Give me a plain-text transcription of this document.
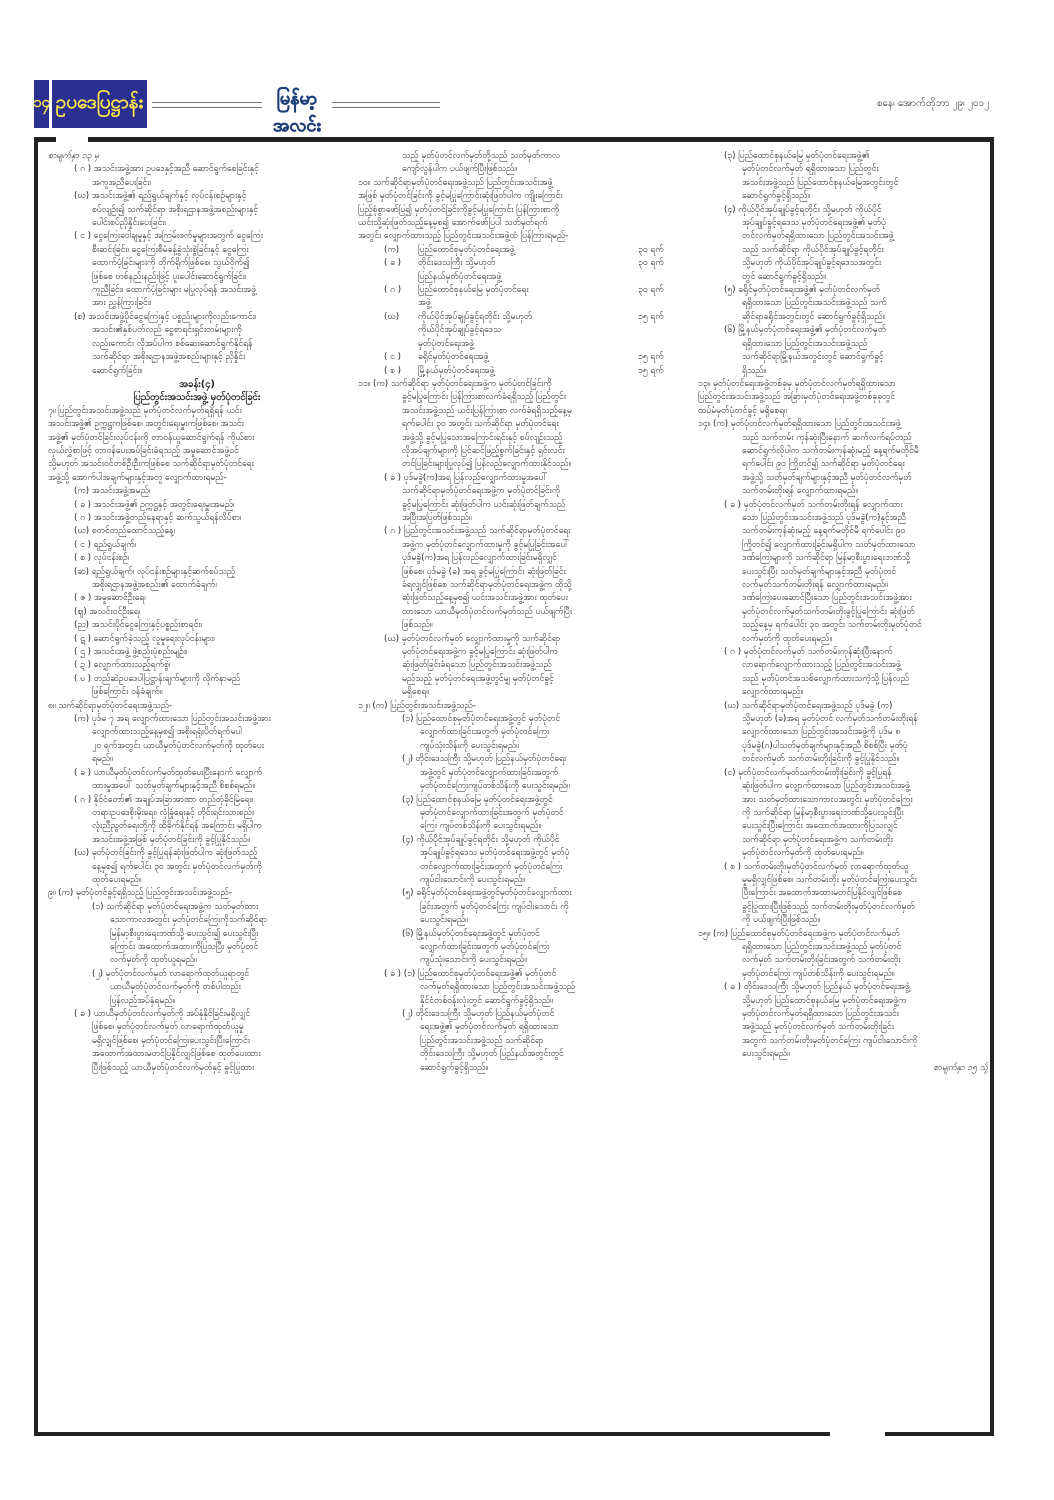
၁၄ ဥပဒေပြဋ္ဌာန်း	မြန်မာ့အလင်း
စနေ၊ အောက်တိုဘာ ၂၉၊ ၂၀၁၂
စာမျက်နှာ ၁၃ မှ
( ဂ ) အသင်းအဖွဲ့အား ဥပဒေနှင့်အညီ ဆောင်ရွက်စေခြင်းနှင့်
အကူအညီပေးခြင်း၊
(ဃ) အသင်းအဖွဲ့၏ ရည်ရွယ်ချက်နှင့် လုပ်ငန်းစဉ်များနှင့်
စပ်လျဉ်း၍ သက်ဆိုင်ရာ အစိုးရဌာနအဖွဲ့အစည်းများနှင့်
ပေါင်းစပ်ညှိနှိုင်းပေးခြင်း၊
( င ) ငွေကြေးခဝါချမှုနှင့် အကြမ်းဖက်မှုများအတွက် ငွေကြေး
စီးဆင်းခြင်း၊ ငွေကြေးစီမံခန့်ခွဲသုံးစွဲခြင်းနှင့် ငွေကြေး
ထောက်ပံ့ခြင်းများကို တိုက်ရိုက်ဖြစ်စေ၊ သွယ်ဝိုက်၍
ဖြစ်စေ တစ်နည်းနည်းဖြင့် ပူးပေါင်းဆောင်ရွက်ခြင်း၊
ကူညီခြင်း၊ ထောက်ပံ့ခြင်းများ မပြုလုပ်ရန် အသင်းအဖွဲ့
အား ညွှန်ကြားခြင်း၊
(စ) အသင်းအဖွဲ့ပိုင်ငွေကြေးနှင့် ပစ္စည်းများကိုလည်းကောင်း၊
အသင်း၏နှစ်ပတ်လည် ငွေစာရင်းရှင်းတမ်းများကို
လည်းကောင်း လိုအပ်ပါက စစ်ဆေးဆောင်ရွက်နိုင်ရန်
သက်ဆိုင်ရာ အစိုးရဌာနအဖွဲ့အစည်းများနှင့် ညှိနှိုင်း
ဆောင်ရွက်ခြင်း။
အခန်း(၄)
ပြည်တွင်းအသင်းအဖွဲ့ မှတ်ပုံတင်ခြင်း
၇။ ပြည်တွင်းအသင်းအဖွဲ့သည် မှတ်ပုံတင်လက်မှတ်ရရှိရန် ယင်း
အသင်းအဖွဲ့၏ ဥက္ကဋ္ဌကဖြစ်စေ၊ အတွင်းရေးမှူးကဖြစ်စေ၊ အသင်း
အဖွဲ့၏ မှတ်ပုံတင်ခြင်းလုပ်ငန်းကို တာဝန်ယူဆောင်ရွက်ရန် ကိုယ်စား
လှယ်လွှဲစာဖြင့် တာဝန်ပေးအပ်ခြင်းခံရသည့် အမှုဆောင်အဖွဲ့ဝင်
သို့မဟုတ် အသင်းဝင်တစ်ဦးဦးကဖြစ်စေ သက်ဆိုင်ရာမှတ်ပုံတင်ရေး
အဖွဲ့သို့ အောက်ပါအချက်များနှင့်အတူ လျှောက်ထားရမည်-
(က) အသင်းအဖွဲ့အမည်၊
( ခ ) အသင်းအဖွဲ့၏ ဥက္ကဋ္ဌနှင့် အတွင်းရေးမှူးအမည်၊
( ဂ ) အသင်းအဖွဲ့တည်နေရာနှင့် ဆက်သွယ်ရန်လိပ်စာ၊
(ဃ) စတင်တည်ထောင်သည့်နေ့၊
( င ) ရည်ရွယ်ချက်၊
( စ ) လုပ်ငန်းစဉ်၊
(ဆ) ရည်ရွယ်ချက်၊ လုပ်ငန်းစဉ်များနှင့်ဆက်စပ်သည့်
အစိုးရဌာနအဖွဲ့အစည်း၏ ထောက်ခံချက်၊
( ဇ ) အမှုဆောင်ဦးရေ၊
(ဈ) အသင်းဝင်ဦးရေ၊
(ည) အသင်းပိုင်ငွေကြေးနှင့်ပစ္စည်းစာရင်း၊
( ဋ ) ဆောင်ရွက်ခဲ့သည့် လူမှုရေးလုပ်ငန်းများ၊
( ဌ ) အသင်းအဖွဲ့ ဖွဲ့စည်းပုံစည်းမျဉ်း၊
( ဍ ) လျှောက်ထားသည့်ရက်စွဲ၊
( ဎ ) တည်ဆဲဥပဒေပါပြဋ္ဌာန်းချက်များကို လိုက်နာမည်
ဖြစ်ကြောင်း ဝန်ခံချက်။
၈။ သက်ဆိုင်ရာမှတ်ပုံတင်ရေးအဖွဲ့သည်-
(က) ပုဒ်မ ၇ အရ လျှောက်ထားသော ပြည်တွင်းအသင်းအဖွဲ့အား
လျှောက်ထားသည့်နေ့မှစ၍ အစိုးရရုံးပိတ်ရက်မပါ
၂၀ ရက်အတွင်း ယာယီမှတ်ပုံတင်လက်မှတ်ကို ထုတ်ပေး
ရမည်။
( ခ ) ယာယီမှတ်ပုံတင်လက်မှတ်ထုတ်ပေးပြီးနောက် လျှောက်
ထားမှုအပေါ် သတ်မှတ်ချက်များနှင့်အညီ စိစစ်ရမည်။
( ဂ ) နိုင်ငံတော်၏ အချုပ်အခြာအာဏာ တည်တံ့ခိုင်မြဲရေး၊
တရားဥပဒေစိုးမိုးရေး၊ လုံခြုံရေးနှင့် တိုင်းရင်းသားစည်း
လုံးညီညွတ်ရေးတို့ကို ထိခိုက်နိုင်ရန် အကြောင်း မရှိပါက
အသင်းအဖွဲ့အဖြစ် မှတ်ပုံတင်ခြင်းကို ခွင့်ပြုနိုင်သည်။
(ဃ) မှတ်ပုံတင်ခြင်းကို ခွင့်ပြုရန်ဆုံးဖြတ်ပါက ဆုံးဖြတ်သည့်
နေ့မှစ၍ ရက်ပေါင်း ၃၀ အတွင်း မှတ်ပုံတင်လက်မှတ်ကို
ထုတ်ပေးရမည်။
၉။ (က) မှတ်ပုံတင်ခွင့်ရရှိသည့် ပြည်တွင်းအသင်းအဖွဲ့သည်-
(၁) သက်ဆိုင်ရာ မှတ်ပုံတင်ရေးအဖွဲ့က သတ်မှတ်ထား
သောကာလအတွင်း မှတ်ပုံတင်ကြေးကိုသက်ဆိုင်ရာ
မြန်မာ့စီးပွားရေးဘဏ်သို့ ပေးသွင်း၍ ပေးသွင်းပြီး
ကြောင်း အထောက်အထားကိုပြသပြီး မှတ်ပုံတင်
လက်မှတ်ကို ထုတ်ယူရမည်။
(၂) မှတ်ပုံတင်လက်မှတ် လာရောက်ထုတ်ယူရာတွင်
ယာယီမှတ်ပုံတင်လက်မှတ်ကို တစ်ပါတည်း
ပြန်လည်အပ်နှံရမည်။
( ခ ) ယာယီမှတ်ပုံတင်လက်မှတ်ကို အပ်နှံနိုင်ခြင်းမရှိလျှင်
ဖြစ်စေ၊ မှတ်ပုံတင်လက်မှတ် လာရောက်ထုတ်ယူမှု
မရှိလျှင်ဖြစ်စေ၊ မှတ်ပုံတင်ကြေးပေးသွင်းပြီးကြောင်း
အထောက်အထားမတင်ပြနိုင်လျှင်ဖြစ်စေ ထုတ်ပေးထား
ပြီးဖြစ်သည့် ယာယီမှတ်ပုံတင်လက်မှတ်နှင့် ခွင့်ပြုထား
သည့် မှတ်ပုံတင်လက်မှတ်တို့သည် သတ်မှတ်ကာလ
ကျော်လွန်ပါက ပယ်ဖျက်ပြီးဖြစ်သည်။
၁၀။ သက်ဆိုင်ရာမှတ်ပုံတင်ရေးအဖွဲ့သည် ပြည်တွင်းအသင်းအဖွဲ့
အဖြစ် မှတ်ပုံတင်ခြင်းကို ခွင့်မပြုကြောင်းဆုံးဖြတ်ပါက ကျိုးကြောင်း
ပြည့်စုံစွာဖော်ပြ၍ မှတ်ပုံတင်ခြင်းကိုခွင့်မပြုကြောင်း ပြန်ကြားစာကို
ယင်းသို့ဆုံးဖြတ်သည့်နေ့မှစ၍ အောက်ဖော်ပြပါ သတ်မှတ်ရက်
အတွင်း လျှောက်ထားသည့် ပြည်တွင်းအသင်းအဖွဲ့ထံ ပြန်ကြားရမည်-
(က)	ပြည်ထောင်စုမှတ်ပုံတင်ရေးအဖွဲ့	၃၀ ရက်
( ခ )	တိုင်းဒေသကြီး သို့မဟုတ်	၃၀ ရက်
ပြည်နယ်မှတ်ပုံတင်ရေးအဖွဲ့
( ဂ )	ပြည်ထောင်စုနယ်မြေ မှတ်ပုံတင်ရေး	၃၀ ရက်
အဖွဲ့
(ဃ)	ကိုယ်ပိုင်အုပ်ချုပ်ခွင့်ရတိုင်း သို့မဟုတ်	၁၅ ရက်
ကိုယ်ပိုင်အုပ်ချုပ်ခွင့်ရဒေသ
မှတ်ပုံတင်ရေးအဖွဲ့
( င )	ခရိုင်မှတ်ပုံတင်ရေးအဖွဲ့	၁၅ ရက်
( စ )	မြို့နယ်မှတ်ပုံတင်ရေးအဖွဲ့	၁၅ ရက်
၁၁။ (က) သက်ဆိုင်ရာ မှတ်ပုံတင်ရေးအဖွဲ့က မှတ်ပုံတင်ခြင်းကို
ခွင့်မပြုကြောင်း ပြန်ကြားစာလက်ခံရရှိသည့် ပြည်တွင်း
အသင်းအဖွဲ့သည် ယင်းပြန်ကြားစာ လက်ခံရရှိသည့်နေ့မှ
ရက်ပေါင်း ၃၀ အတွင်း သက်ဆိုင်ရာ မှတ်ပုံတင်ရေး
အဖွဲ့သို့ ခွင့်မပြုသောအကြောင်းရင်းနှင့် စပ်လျဉ်းသည့်
လိုအပ်ချက်များကို ပြင်ဆင်ဖြည့်စွက်ခြင်းနှင့် ရှင်းလင်း
တင်ပြခြင်းများပြုလုပ်၍ ပြန်လည်လျှောက်ထားနိုင်သည်။
( ခ ) ပုဒ်မခွဲ(က)အရ ပြန်လည်လျှောက်ထားမှုအပေါ်
သက်ဆိုင်ရာမှတ်ပုံတင်ရေးအဖွဲ့က မှတ်ပုံတင်ခြင်းကို
ခွင့်မပြုကြောင်း ဆုံးဖြတ်ပါက ယင်းဆုံးဖြတ်ချက်သည်
အပြီးအပြတ်ဖြစ်သည်။
( ဂ ) ပြည်တွင်းအသင်းအဖွဲ့သည် သက်ဆိုင်ရာမှတ်ပုံတင်ရေး
အဖွဲ့က မှတ်ပုံတင်လျှောက်ထားမှုကို ခွင့်မပြုခြင်းအပေါ်
ပုဒ်မခွဲ(က)အရ ပြန်လည်လျှောက်ထားခြင်းမရှိလျှင်
ဖြစ်စေ၊ ပုဒ်မခွဲ (ခ) အရ ခွင့်မပြုကြောင်း ဆုံးဖြတ်ခြင်း
ခံရလျှင်ဖြစ်စေ သက်ဆိုင်ရာမှတ်ပုံတင်ရေးအဖွဲ့က ထိုသို့
ဆုံးဖြတ်သည့်နေ့မှစ၍ ယင်းအသင်းအဖွဲ့အား ထုတ်ပေး
ထားသော ယာယီမှတ်ပုံတင်လက်မှတ်သည် ပယ်ဖျက်ပြီး
ဖြစ်သည်။
(ဃ) မှတ်ပုံတင်လက်မှတ် လျှောက်ထားမှုကို သက်ဆိုင်ရာ
မှတ်ပုံတင်ရေးအဖွဲ့က ခွင့်မပြုကြောင်း ဆုံးဖြတ်ပါက
ဆုံးဖြတ်ခြင်းခံရသော ပြည်တွင်းအသင်းအဖွဲ့သည်
မည်သည့် မှတ်ပုံတင်ရေးအဖွဲ့တွင်မျှ မှတ်ပုံတင်ခွင့်
မရှိစေရ။
၁၂။ (က) ပြည်တွင်းအသင်းအဖွဲ့သည်-
(၁) ပြည်ထောင်စုမှတ်ပုံတင်ရေးအဖွဲ့တွင် မှတ်ပုံတင်
လျှောက်ထားခြင်းအတွက် မှတ်ပုံတင်ကြေး
ကျပ်သုံးသိန်းကို ပေးသွင်းရမည်။
(၂) တိုင်းဒေသကြီး သို့မဟုတ် ပြည်နယ်မှတ်ပုံတင်ရေး
အဖွဲ့တွင် မှတ်ပုံတင်လျှောက်ထားခြင်းအတွက်
မှတ်ပုံတင်ကြေးကျပ်တစ်သိန်းကို ပေးသွင်းရမည်။
(၃) ပြည်ထောင်စုနယ်မြေ မှတ်ပုံတင်ရေးအဖွဲ့တွင်
မှတ်ပုံတင်လျှောက်ထားခြင်းအတွက် မှတ်ပုံတင်
ကြေး ကျပ်တစ်သိန်းကို ပေးသွင်းရမည်။
(၄) ကိုယ်ပိုင်အုပ်ချုပ်ခွင့်ရတိုင်း သို့မဟုတ် ကိုယ်ပိုင်
အုပ်ချုပ်ခွင့်ရဒေသ မှတ်ပုံတင်ရေးအဖွဲ့တွင် မှတ်ပုံ
တင်လျှောက်ထားခြင်းအတွက် မှတ်ပုံတင်ကြေး
ကျပ်ငါးသောင်းကို ပေးသွင်းရမည်။
(၅) ခရိုင်မှတ်ပုံတင်ရေးအဖွဲ့တွင်မှတ်ပုံတင်လျှောက်ထား
ခြင်းအတွက် မှတ်ပုံတင်ကြေး ကျပ်ငါးသောင်း ကို
ပေးသွင်းရမည်။
(၆) မြို့နယ်မှတ်ပုံတင်ရေးအဖွဲ့တွင် မှတ်ပုံတင်
လျှောက်ထားခြင်းအတွက် မှတ်ပုံတင်ကြေး
ကျပ်သုံးသောင်းကို ပေးသွင်းရမည်။
( ခ ) (၁) ပြည်ထောင်စုမှတ်ပုံတင်ရေးအဖွဲ့၏ မှတ်ပုံတင်
လက်မှတ်ရရှိထားသော ပြည်တွင်းအသင်းအဖွဲ့သည်
နိုင်ငံတစ်ဝန်းလုံးတွင် ဆောင်ရွက်ခွင့်ရှိသည်။
(၂) တိုင်းဒေသကြီး သို့မဟုတ် ပြည်နယ်မှတ်ပုံတင်
ရေးအဖွဲ့၏ မှတ်ပုံတင်လက်မှတ် ရရှိထားသော
ပြည်တွင်းအသင်းအဖွဲ့သည် သက်ဆိုင်ရာ
တိုင်းဒေသကြီး သို့မဟုတ် ပြည်နယ်အတွင်းတွင်
ဆောင်ရွက်ခွင့်ရှိသည်။
(၃) ပြည်ထောင်စုနယ်မြေ မှတ်ပုံတင်ရေးအဖွဲ့၏
မှတ်ပုံတင်လက်မှတ် ရရှိထားသော ပြည်တွင်း
အသင်းအဖွဲ့သည် ပြည်ထောင်စုနယ်မြေအတွင်းတွင်
ဆောင်ရွက်ခွင့်ရှိသည်။
(၄) ကိုယ်ပိုင်အုပ်ချုပ်ခွင့်ရတိုင်း သို့မဟုတ် ကိုယ်ပိုင်
အုပ်ချုပ်ခွင့်ရဒေသ မှတ်ပုံတင်ရေးအဖွဲ့၏ မှတ်ပုံ
တင်လက်မှတ်ရရှိထားသော ပြည်တွင်းအသင်းအဖွဲ့
သည် သက်ဆိုင်ရာ ကိုယ်ပိုင်အုပ်ချုပ်ခွင့်ရတိုင်း
သို့မဟုတ် ကိုယ်ပိုင်အုပ်ချုပ်ခွင့်ရဒေသအတွင်း
တွင် ဆောင်ရွက်ခွင့်ရှိသည်။
(၅) ခရိုင်မှတ်ပုံတင်ရေးအဖွဲ့၏ မှတ်ပုံတင်လက်မှတ်
ရရှိထားသော ပြည်တွင်းအသင်းအဖွဲ့သည် သက်
ဆိုင်ရာခရိုင်အတွင်းတွင် ဆောင်ရွက်ခွင့်ရှိသည်။
(၆) မြို့နယ်မှတ်ပုံတင်ရေးအဖွဲ့၏ မှတ်ပုံတင်လက်မှတ်
ရရှိထားသော ပြည်တွင်းအသင်းအဖွဲ့သည်
သက်ဆိုင်ရာမြို့နယ်အတွင်းတွင် ဆောင်ရွက်ခွင့်
ရှိသည်။
၁၃။ မှတ်ပုံတင်ရေးအဖွဲ့တစ်ခုမှ မှတ်ပုံတင်လက်မှတ်ရရှိထားသော
ပြည်တွင်းအသင်းအဖွဲ့သည် အခြားမှတ်ပုံတင်ရေးအဖွဲ့တစ်ခုခုတွင်
ထပ်မံမှတ်ပုံတင်ခွင့် မရှိစေရ။
၁၄။ (က) မှတ်ပုံတင်လက်မှတ်ရရှိထားသော ပြည်တွင်းအသင်းအဖွဲ့
သည် သက်တမ်း ကုန်ဆုံးပြီးနောက် ဆက်လက်ရပ်တည်
ဆောင်ရွက်လိုပါက သက်တမ်းကုန်ဆုံးမည့် နေ့ရက်မတိုင်မီ
ရက်ပေါင်း ၉၀ ကြိုတင်၍ သက်ဆိုင်ရာ မှတ်ပုံတင်ရေး
အဖွဲ့သို့ သတ်မှတ်ချက်များနှင့်အညီ မှတ်ပုံတင်လက်မှတ်
သက်တမ်းတိုးရန် လျှောက်ထားရမည်။
( ခ ) မှတ်ပုံတင်လက်မှတ် သက်တမ်းတိုးရန် လျှောက်ထား
သော ပြည်တွင်းအသင်းအဖွဲ့သည် ပုဒ်မခွဲ(က)နှင့်အညီ
သက်တမ်းကုန်ဆုံးမည့် နေ့ရက်မတိုင်မီ ရက်ပေါင်း ၉၀
ကြိုတင်၍ လျှောက်ထားခြင်းမရှိပါက သတ်မှတ်ထားသော
ဒဏ်ကြေးများကို သက်ဆိုင်ရာ မြန်မာ့စီးပွားရေးဘဏ်သို့
ပေးသွင်းပြီး သတ်မှတ်ချက်များနှင့်အညီ မှတ်ပုံတင်
လက်မှတ်သက်တမ်းတိုးရန် လျှောက်ထားရမည်။
ဒဏ်ကြေးပေးဆောင်ပြီးသော ပြည်တွင်းအသင်းအဖွဲ့အား
မှတ်ပုံတင်လက်မှတ်သက်တမ်းတိုးခွင့်ပြုကြောင်း ဆုံးဖြတ်
သည့်နေ့မှ ရက်ပေါင်း ၃၀ အတွင်း သက်တမ်းတိုးမှတ်ပုံတင်
လက်မှတ်ကို ထုတ်ပေးရမည်။
( ဂ ) မှတ်ပုံတင်လက်မှတ် သက်တမ်းကုန်ဆုံးပြီးနောက်
လာရောက်လျှောက်ထားသည့် ပြည်တွင်းအသင်းအဖွဲ့
သည် မှတ်ပုံတင်အသစ်လျှောက်ထားသကဲ့သို့ ပြန်လည်
လျှောက်ထားရမည်။
(ဃ) သက်ဆိုင်ရာမှတ်ပုံတင်ရေးအဖွဲ့သည် ပုဒ်မခွဲ (က)
သို့မဟုတ် (ခ)အရ မှတ်ပုံတင် လက်မှတ်သက်တမ်းတိုးရန်
လျှောက်ထားသော ပြည်တွင်းအသင်းအဖွဲ့ကို ပုဒ်မ ၈
ပုဒ်မခွဲ(ဂ)ပါသတ်မှတ်ချက်များနှင့်အညီ စိစစ်ပြီး မှတ်ပုံ
တင်လက်မှတ် သက်တမ်းတိုးခြင်းကို ခွင့်ပြုနိုင်သည်။
(င) မှတ်ပုံတင်လက်မှတ်သက်တမ်းတိုးခြင်းကို ခွင့်ပြုရန်
ဆုံးဖြတ်ပါက လျှောက်ထားသော ပြည်တွင်းအသင်းအဖွဲ့
အား သတ်မှတ်ထားသောကာလအတွင်း မှတ်ပုံတင်ကြေး
ကို သက်ဆိုင်ရာ မြန်မာ့စီးပွားရေးဘဏ်သို့ပေးသွင်းပြီး
ပေးသွင်းပြီးကြောင်း အထောက်အထားကိုပြသလျှင်
သက်ဆိုင်ရာ မှတ်ပုံတင်ရေးအဖွဲ့က သက်တမ်းတိုး
မှတ်ပုံတင်လက်မှတ်ကို ထုတ်ပေးရမည်။
( စ ) သက်တမ်းတိုးမှတ်ပုံတင်လက်မှတ် လာရောက်ထုတ်ယူ
မှုမရှိလျှင်ဖြစ်စေ၊ သက်တမ်းတိုး မှတ်ပုံတင်ကြေးပေးသွင်း
ပြီးကြောင်း အထောက်အထားမတင်ပြနိုင်လျှင်ဖြစ်စေ
ခွင့်ပြုထားပြီးဖြစ်သည့် သက်တမ်းတိုးမှတ်ပုံတင်လက်မှတ်
ကို ပယ်ဖျက်ပြီးဖြစ်သည်။
၁၅။ (က) ပြည်ထောင်စုမှတ်ပုံတင်ရေးအဖွဲ့က မှတ်ပုံတင်လက်မှတ်
ရရှိထားသော ပြည်တွင်းအသင်းအဖွဲ့သည် မှတ်ပုံတင်
လက်မှတ် သက်တမ်းတိုးခြင်းအတွက် သက်တမ်းတိုး
မှတ်ပုံတင်ကြေး ကျပ်တစ်သိန်းကို ပေးသွင်းရမည်။
( ခ ) တိုင်းဒေသကြီး သို့မဟုတ် ပြည်နယ် မှတ်ပုံတင်ရေးအဖွဲ့
သို့မဟုတ် ပြည်ထောင်စုနယ်မြေ မှတ်ပုံတင်ရေးအဖွဲ့က
မှတ်ပုံတင်လက်မှတ်ရရှိထားသော ပြည်တွင်းအသင်း
အဖွဲ့သည် မှတ်ပုံတင်လက်မှတ် သက်တမ်းတိုးခြင်း
အတွက် သက်တမ်းတိုးမှတ်ပုံတင်ကြေး ကျပ်ငါးသောင်းကို
ပေးသွင်းရမည်။
စာမျက်နှာ ၁၅ သို့
